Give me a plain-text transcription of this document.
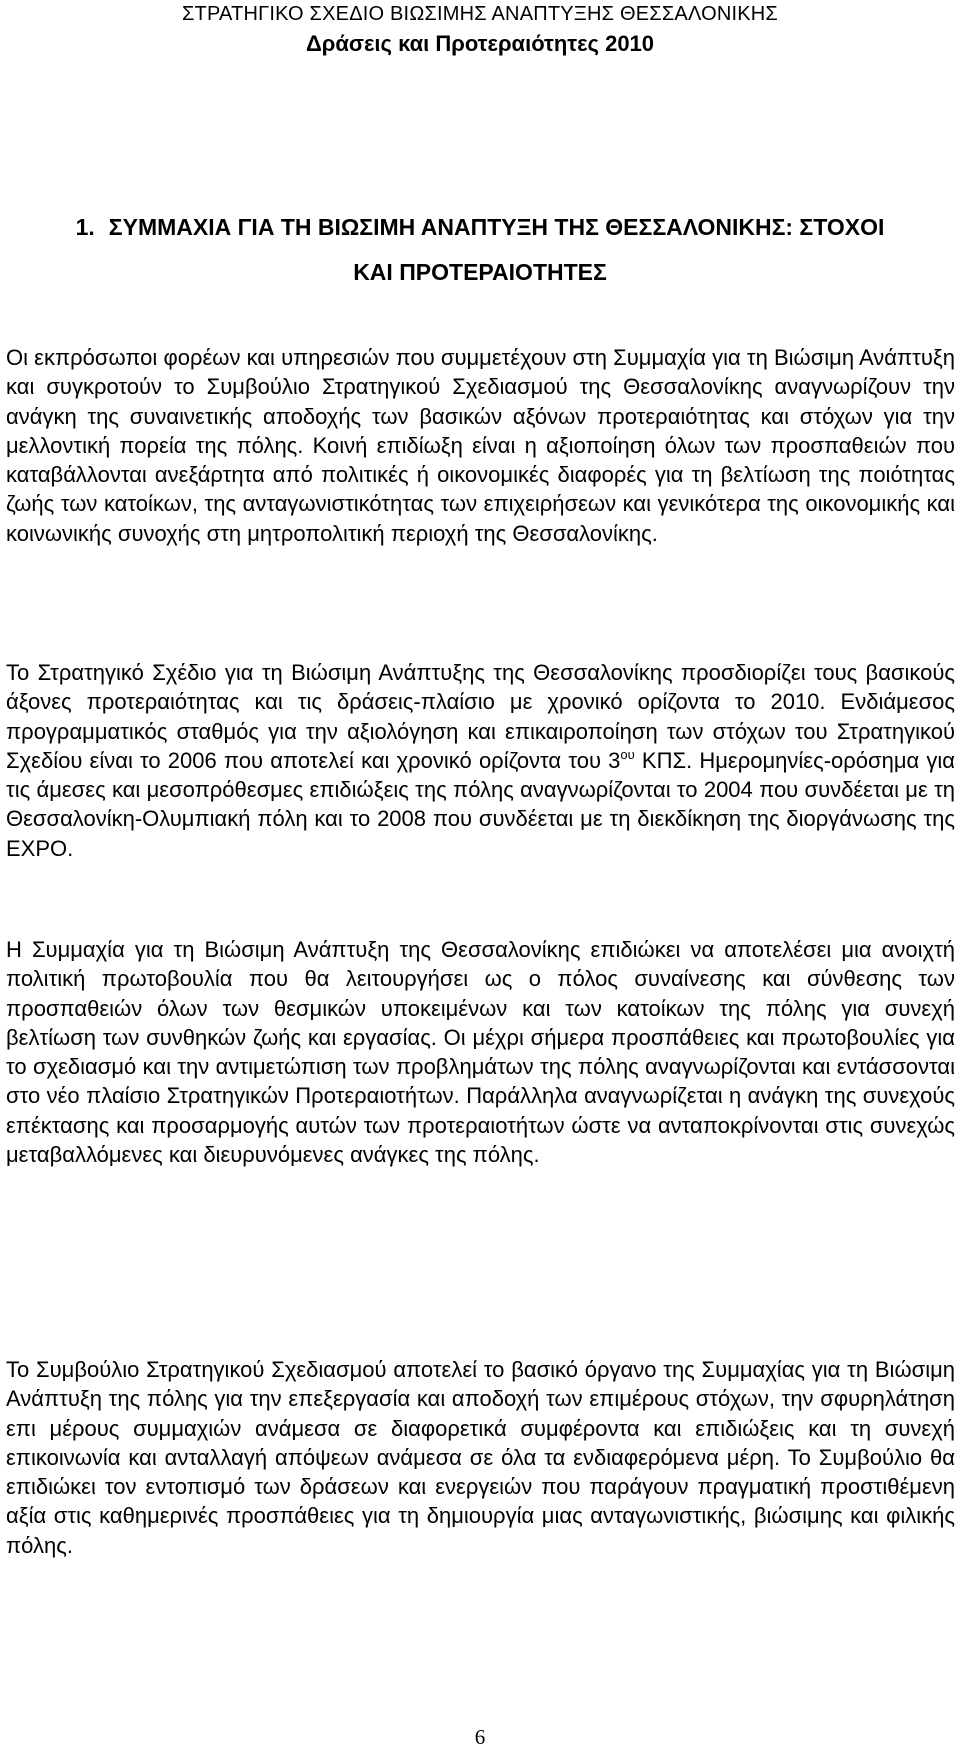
ΣΤΡΑΤΗΓΙΚΟ ΣΧΕΔΙΟ ΒΙΩΣΙΜΗΣ ΑΝΑΠΤΥΞΗΣ ΘΕΣΣΑΛΟΝΙΚΗΣ
Δράσεις και Προτεραιότητες 2010
1. ΣΥΜΜΑΧΙΑ ΓΙΑ ΤΗ ΒΙΩΣΙΜΗ ΑΝΑΠΤΥΞΗ ΤΗΣ ΘΕΣΣΑΛΟΝΙΚΗΣ: ΣΤΟΧΟΙ
ΚΑΙ ΠΡΟΤΕΡΑΙΟΤΗΤΕΣ

Οι εκπρόσωποι φορέων και υπηρεσιών που συμμετέχουν στη Συμμαχία για τη Βιώσιμη Ανάπτυξη και συγκροτούν το Συμβούλιο Στρατηγικού Σχεδιασμού της Θεσσαλονίκης αναγνωρίζουν την ανάγκη της συναινετικής αποδοχής των βασικών αξόνων προτεραιότητας και στόχων για την μελλοντική πορεία της πόλης. Κοινή επιδίωξη είναι η αξιοποίηση όλων των προσπαθειών που καταβάλλονται ανεξάρτητα από πολιτικές ή οικονομικές διαφορές για τη βελτίωση της ποιότητας ζωής των κατοίκων, της ανταγωνιστικότητας των επιχειρήσεων και γενικότερα της οικονομικής και κοινωνικής συνοχής στη μητροπολιτική περιοχή της Θεσσαλονίκης.

Το Στρατηγικό Σχέδιο για τη Βιώσιμη Ανάπτυξης της Θεσσαλονίκης προσδιορίζει τους βασικούς άξονες προτεραιότητας και τις δράσεις-πλαίσιο με χρονικό ορίζοντα το 2010. Ενδιάμεσος προγραμματικός σταθμός για την αξιολόγηση και επικαιροποίηση των στόχων του Στρατηγικού Σχεδίου είναι το 2006 που αποτελεί και χρονικό ορίζοντα του $3^{o\upsilon}$ ΚΠΣ. Ημερομηνίες-ορόσημα για τις άμεσες και μεσοπρόθεσμες επιδιώξεις της πόλης αναγνωρίζονται το 2004 που συνδέεται με τη Θεσσαλονίκη-Ολυμπιακή πόλη και το 2008 που συνδέεται με τη διεκδίκηση της διοργάνωσης της EXPO.

Η Συμμαχία για τη Βιώσιμη Ανάπτυξη της Θεσσαλονίκης επιδιώκει να αποτελέσει μια ανοιχτή πολιτική πρωτοβουλία που θα λειτουργήσει ως ο πόλος συναίνεσης και σύνθεσης των προσπαθειών όλων των θεσμικών υποκειμένων και των κατοίκων της πόλης για συνεχή βελτίωση των συνθηκών ζωής και εργασίας. Οι μέχρι σήμερα προσπάθειες και πρωτοβουλίες για το σχεδιασμό και την αντιμετώπιση των προβλημάτων της πόλης αναγνωρίζονται και εντάσσονται στο νέο πλαίσιο Στρατηγικών Προτεραιοτήτων. Παράλληλα αναγνωρίζεται η ανάγκη της συνεχούς επέκτασης και προσαρμογής αυτών των προτεραιοτήτων ώστε να ανταποκρίνονται στις συνεχώς μεταβαλλόμενες και διευρυνόμενες ανάγκες της πόλης.

Το Συμβούλιο Στρατηγικού Σχεδιασμού αποτελεί το βασικό όργανο της Συμμαχίας για τη Βιώσιμη Ανάπτυξη της πόλης για την επεξεργασία και αποδοχή των επιμέρους στόχων, την σφυρηλάτηση επι μέρους συμμαχιών ανάμεσα σε διαφορετικά συμφέροντα και επιδιώξεις και τη συνεχή επικοινωνία και ανταλλαγή απόψεων ανάμεσα σε όλα τα ενδιαφερόμενα μέρη. Το Συμβούλιο θα επιδιώκει τον εντοπισμό των δράσεων και ενεργειών που παράγουν πραγματική προστιθέμενη αξία στις καθημερινές προσπάθειες για τη δημιουργία μιας ανταγωνιστικής, βιώσιμης και φιλικής πόλης.

6
